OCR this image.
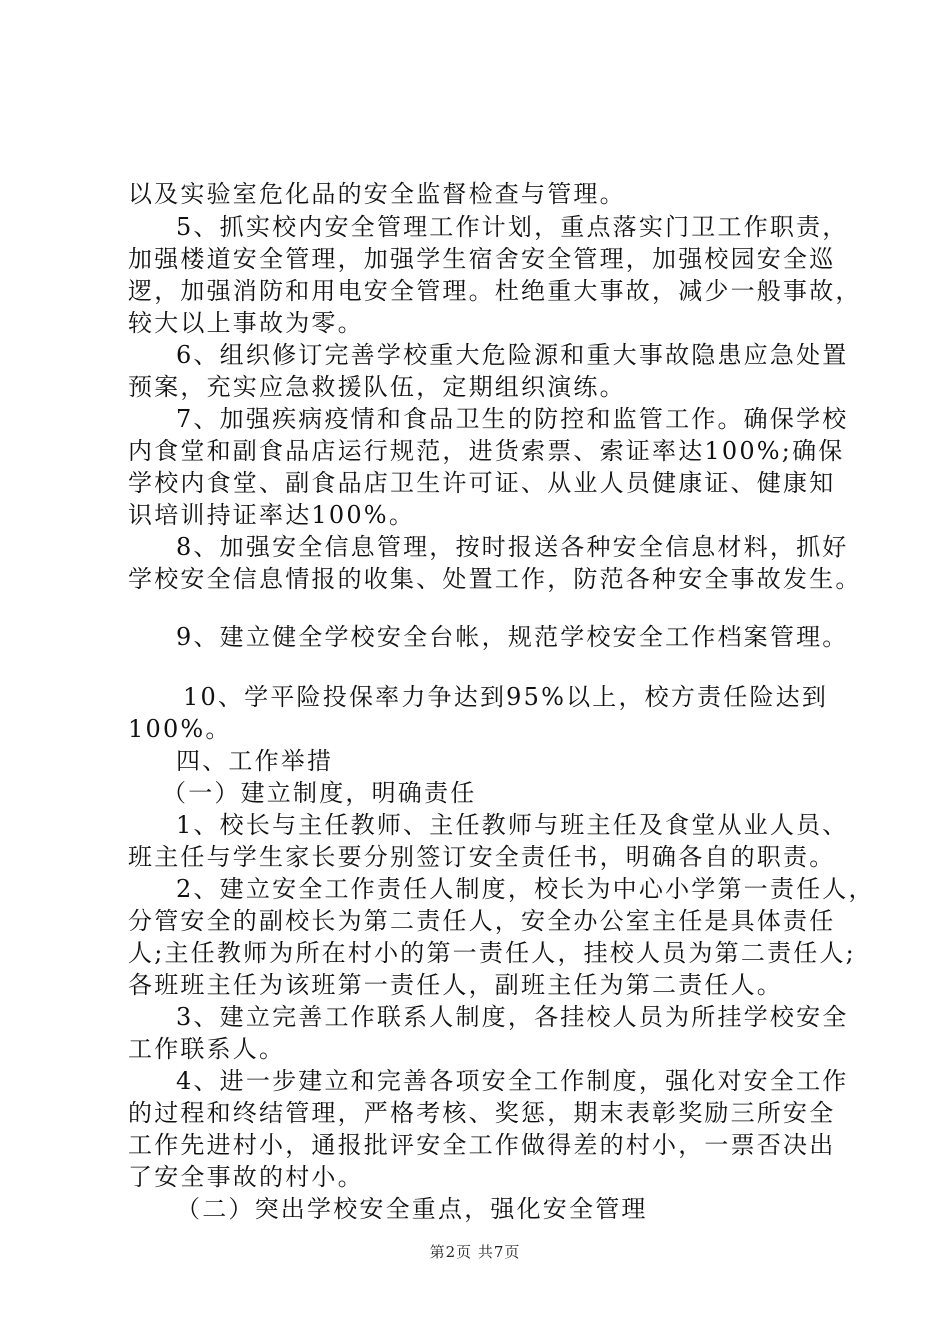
以及实验室危化品的安全监督检查与管理。
5、抓实校内安全管理工作计划，重点落实门卫工作职责，
加强楼道安全管理，加强学生宿舍安全管理，加强校园安全巡
逻，加强消防和用电安全管理。杜绝重大事故，减少一般事故，
较大以上事故为零。
6、组织修订完善学校重大危险源和重大事故隐患应急处置
预案，充实应急救援队伍，定期组织演练。
7、加强疾病疫情和食品卫生的防控和监管工作。确保学校
内食堂和副食品店运行规范，进货索票、索证率达100%;确保
学校内食堂、副食品店卫生许可证、从业人员健康证、健康知
识培训持证率达100%。
8、加强安全信息管理，按时报送各种安全信息材料，抓好
学校安全信息情报的收集、处置工作，防范各种安全事故发生。
9、建立健全学校安全台帐，规范学校安全工作档案管理。
10、学平险投保率力争达到95%以上，校方责任险达到
100%。
四、工作举措
（一）建立制度，明确责任
1、校长与主任教师、主任教师与班主任及食堂从业人员、
班主任与学生家长要分别签订安全责任书，明确各自的职责。
2、建立安全工作责任人制度，校长为中心小学第一责任人，
分管安全的副校长为第二责任人，安全办公室主任是具体责任
人;主任教师为所在村小的第一责任人，挂校人员为第二责任人;
各班班主任为该班第一责任人，副班主任为第二责任人。
3、建立完善工作联系人制度，各挂校人员为所挂学校安全
工作联系人。
4、进一步建立和完善各项安全工作制度，强化对安全工作
的过程和终结管理，严格考核、奖惩，期末表彰奖励三所安全
工作先进村小，通报批评安全工作做得差的村小，一票否决出
了安全事故的村小。
（二）突出学校安全重点，强化安全管理
第2页 共7页
